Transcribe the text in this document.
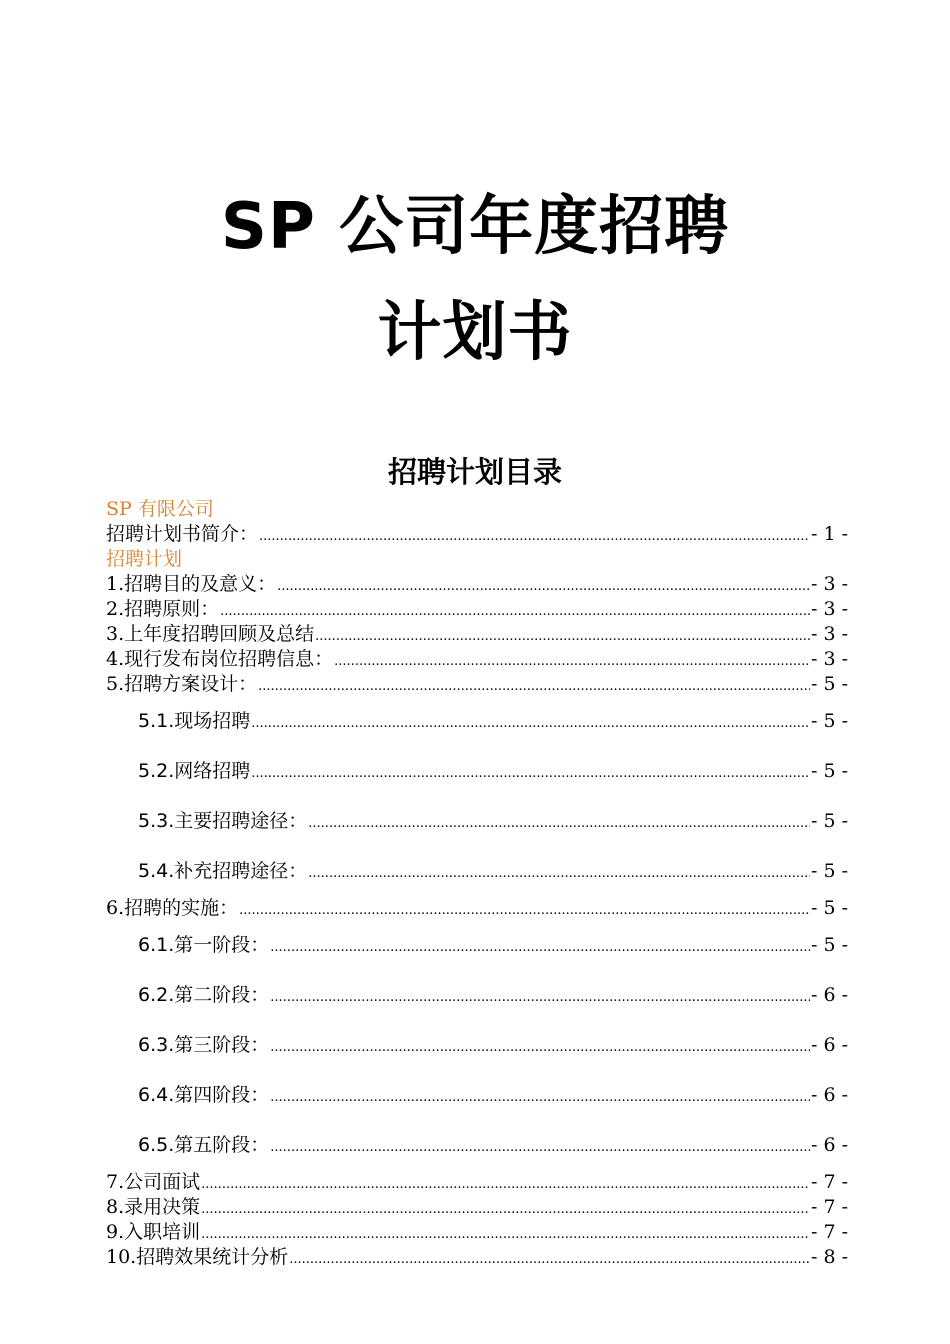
SP 公司年度招聘
计划书
招聘计划目录
SP 有限公司
招聘计划书简介： .....	- 1 -
招聘计划
1. 招聘目的及意义： .....	- 3 -
2. 招聘原则： .....	- 3 -
3. 上年度招聘回顾及总结 .....	- 3 -
4. 现行发布岗位招聘信息： .....	- 3 -
5. 招聘方案设计： .....	- 5 -
5.1. 现场招聘 .....	- 5 -
5.2. 网络招聘 .....	- 5 -
5.3. 主要招聘途径： .....	- 5 -
5.4. 补充招聘途径： .....	- 5 -
6. 招聘的实施： .....	- 5 -
6.1. 第一阶段： .....	- 5 -
6.2. 第二阶段： .....	- 6 -
6.3. 第三阶段： .....	- 6 -
6.4. 第四阶段： .....	- 6 -
6.5. 第五阶段： .....	- 6 -
7. 公司面试 .....	- 7 -
8. 录用决策 .....	- 7 -
9. 入职培训 .....	- 7 -
10. 招聘效果统计分析 .....	- 8 -
